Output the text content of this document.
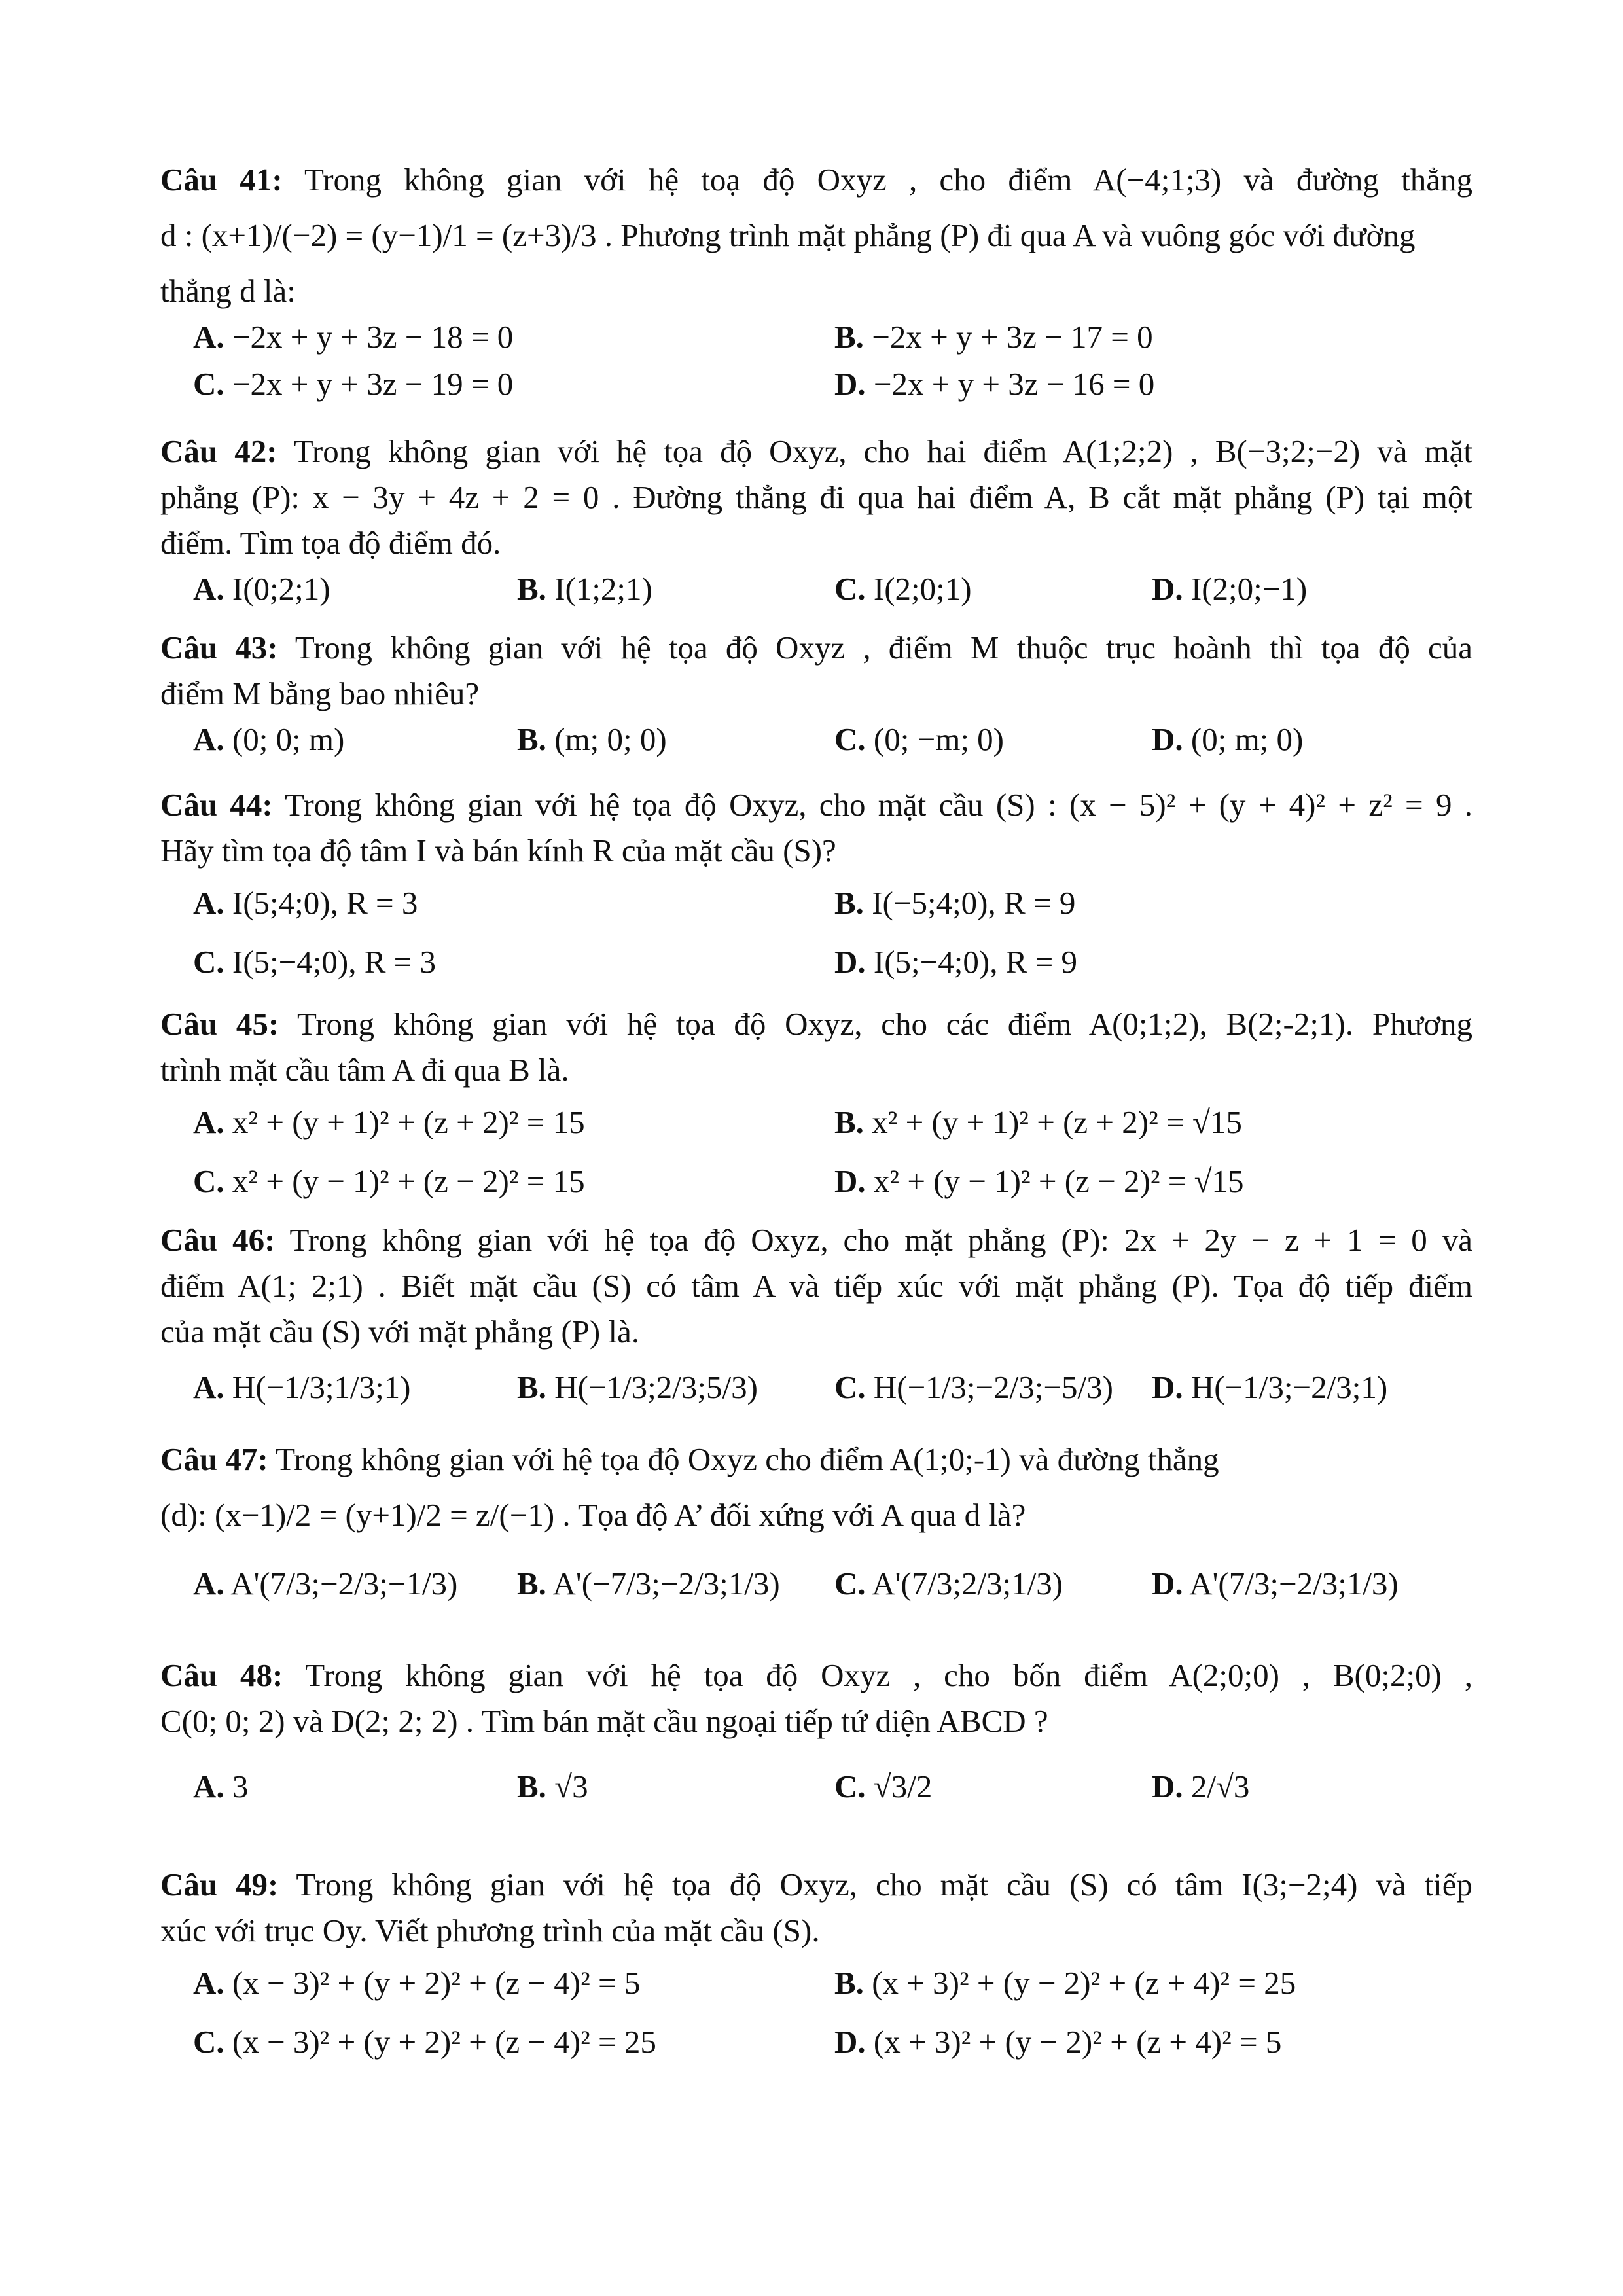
Câu 41: Trong không gian với hệ toạ độ Oxyz , cho điểm A(−4;1;3) và đường thẳng
d : (x+1)/(−2) = (y−1)/1 = (z+3)/3 . Phương trình mặt phẳng (P) đi qua A và vuông góc với đường
thẳng d là:
A. −2x + y + 3z − 18 = 0	B. −2x + y + 3z − 17 = 0
C. −2x + y + 3z − 19 = 0	D. −2x + y + 3z − 16 = 0
Câu 42: Trong không gian với hệ tọa độ Oxyz, cho hai điểm A(1;2;2) , B(−3;2;−2) và mặt
phẳng (P): x − 3y + 4z + 2 = 0 . Đường thẳng đi qua hai điểm A, B cắt mặt phẳng (P) tại một
điểm. Tìm tọa độ điểm đó.
A. I(0;2;1)	B. I(1;2;1)	C. I(2;0;1)	D. I(2;0;−1)
Câu 43: Trong không gian với hệ tọa độ Oxyz , điểm M thuộc trục hoành thì tọa độ của
điểm M bằng bao nhiêu?
A. (0; 0; m)	B. (m; 0; 0)	C. (0; −m; 0)	D. (0; m; 0)
Câu 44: Trong không gian với hệ tọa độ Oxyz, cho mặt cầu (S) : (x − 5)² + (y + 4)² + z² = 9 .
Hãy tìm tọa độ tâm I và bán kính R của mặt cầu (S)?
A. I(5;4;0), R = 3	B. I(−5;4;0), R = 9
C. I(5;−4;0), R = 3	D. I(5;−4;0), R = 9
Câu 45: Trong không gian với hệ tọa độ Oxyz, cho các điểm A(0;1;2), B(2;-2;1). Phương
trình mặt cầu tâm A đi qua B là.
A. x² + (y + 1)² + (z + 2)² = 15	B. x² + (y + 1)² + (z + 2)² = √15
C. x² + (y − 1)² + (z − 2)² = 15	D. x² + (y − 1)² + (z − 2)² = √15
Câu 46: Trong không gian với hệ tọa độ Oxyz, cho mặt phẳng (P): 2x + 2y − z + 1 = 0 và
điểm A(1; 2;1) . Biết mặt cầu (S) có tâm A và tiếp xúc với mặt phẳng (P). Tọa độ tiếp điểm
của mặt cầu (S) với mặt phẳng (P) là.
A. H(−1/3;1/3;1)	B. H(−1/3;2/3;5/3) C. H(−1/3;−2/3;−5/3) D. H(−1/3;−2/3;1)
Câu 47: Trong không gian với hệ tọa độ Oxyz cho điểm A(1;0;-1) và đường thẳng
(d): (x−1)/2 = (y+1)/2 = z/(−1) . Tọa độ A’ đối xứng với A qua d là?
A. A'(7/3;−2/3;−1/3) B. A'(−7/3;−2/3;1/3) C. A'(7/3;2/3;1/3)	D. A'(7/3;−2/3;1/3)
Câu 48: Trong không gian với hệ tọa độ Oxyz , cho bốn điểm A(2;0;0) , B(0;2;0) ,
C(0; 0; 2) và D(2; 2; 2) . Tìm bán mặt cầu ngoại tiếp tứ diện ABCD ?
A. 3	B. √3	C. √3/2	D. 2/√3
Câu 49: Trong không gian với hệ tọa độ Oxyz, cho mặt cầu (S) có tâm I(3;−2;4) và tiếp
xúc với trục Oy. Viết phương trình của mặt cầu (S).
A. (x − 3)² + (y + 2)² + (z − 4)² = 5	B. (x + 3)² + (y − 2)² + (z + 4)² = 25
C. (x − 3)² + (y + 2)² + (z − 4)² = 25	D. (x + 3)² + (y − 2)² + (z + 4)² = 5
